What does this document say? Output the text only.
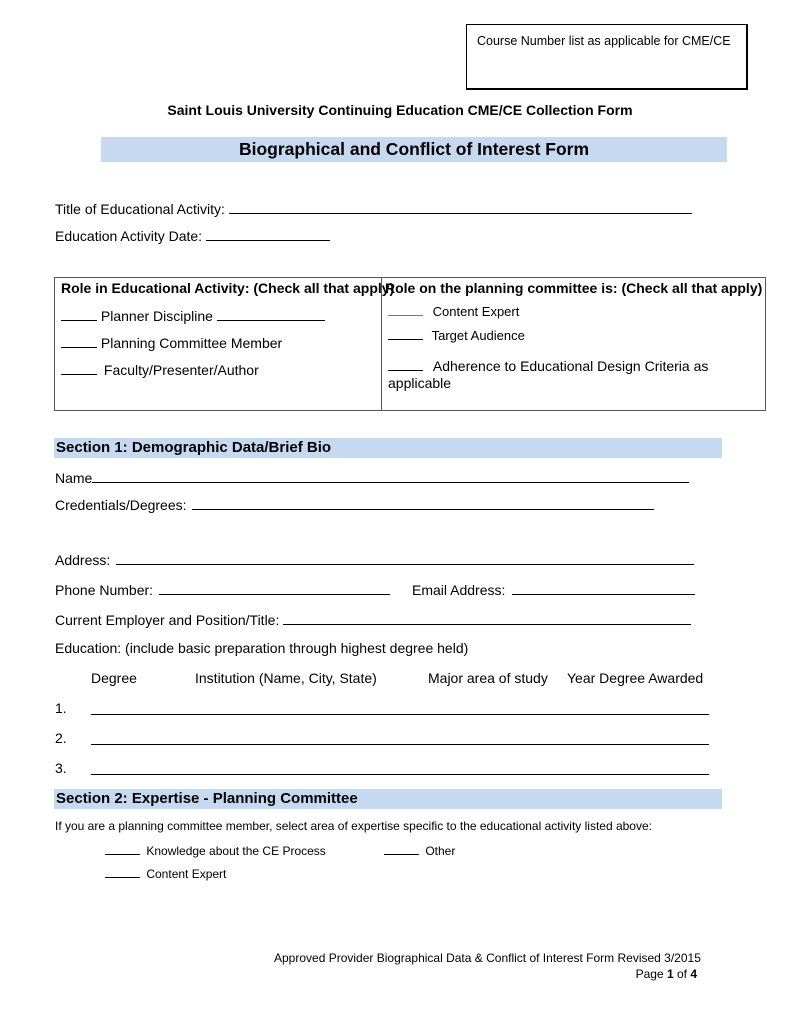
Course Number list as applicable for CME/CE
Saint Louis University Continuing Education CME/CE Collection Form
Biographical and Conflict of Interest Form
Title of Educational Activity:
Education Activity Date:
Role in Educational Activity: (Check all that apply)
Planner Discipline
Planning Committee Member
Faculty/Presenter/Author
Role on the planning committee is: (Check all that apply)
Content Expert
Target Audience
Adherence to Educational Design Criteria as
applicable
Section 1: Demographic Data/Brief Bio
Name
Credentials/Degrees:
Address:
Phone Number:	Email Address:
Current Employer and Position/Title:
Education: (include basic preparation through highest degree held)
Degree	Institution (Name, City, State)	Major area of study Year Degree Awarded
1.
2.
3.
Section 2: Expertise - Planning Committee
If you are a planning committee member, select area of expertise specific to the educational activity listed above:
Knowledge about the CE Process	Other
Content Expert
Approved Provider Biographical Data & Conflict of Interest Form Revised 3/2015
Page 1 of 4
